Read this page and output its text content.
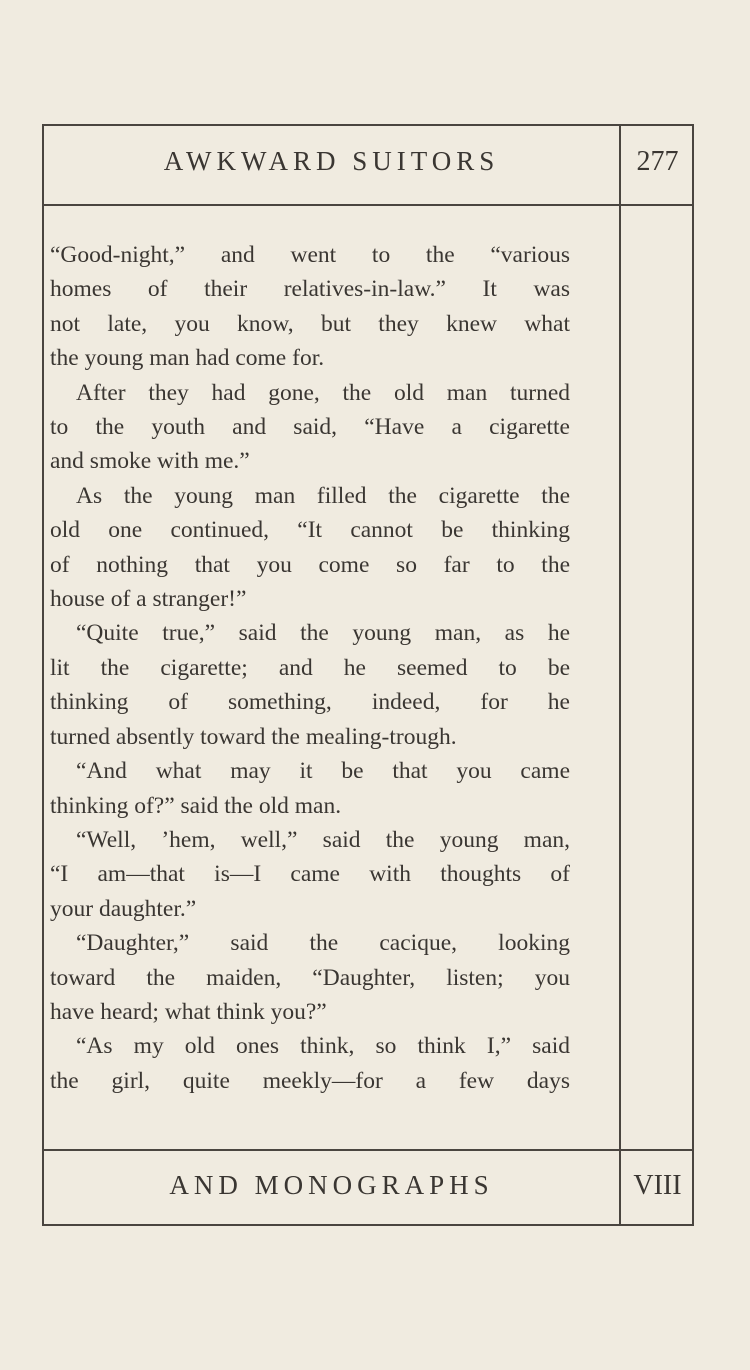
AWKWARD SUITORS	277

“Good-night,” and went to the “various

homes of their relatives-in-law.” It was

not late, you know, but they knew what

the young man had come for.

After they had gone, the old man turned

to the youth and said, “Have a cigarette

and smoke with me.”

As the young man filled the cigarette the

old one continued, “It cannot be thinking

of nothing that you come so far to the

house of a stranger!”

“Quite true,” said the young man, as he

lit the cigarette; and he seemed to be

thinking of something, indeed, for he

turned absently toward the mealing-trough.

“And what may it be that you came

thinking of?” said the old man.

“Well, ’hem, well,” said the young man,

“I am—that is—I came with thoughts of

your daughter.”

“Daughter,” said the cacique, looking

toward the maiden, “Daughter, listen; you

have heard; what think you?”

“As my old ones think, so think I,” said

the girl, quite meekly—for a few days

AND MONOGRAPHS	VIII
